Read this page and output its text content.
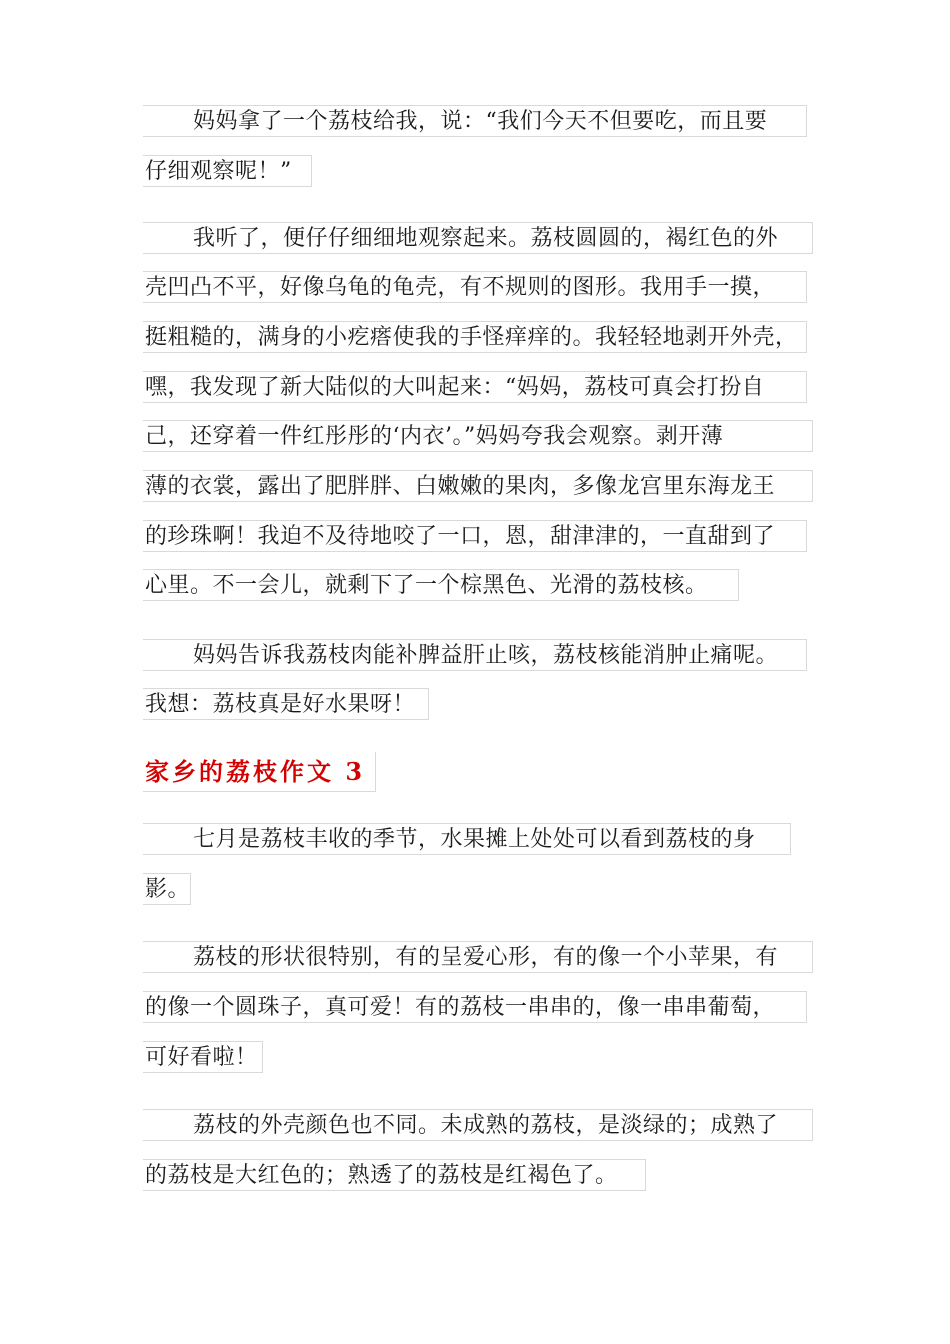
妈妈拿了一个荔枝给我，说：“我们今天不但要吃，而且要
仔细观察呢！”
我听了，便仔仔细细地观察起来。荔枝圆圆的，褐红色的外
壳凹凸不平，好像乌龟的龟壳，有不规则的图形。我用手一摸，
挺粗糙的，满身的小疙瘩使我的手怪痒痒的。我轻轻地剥开外壳，
嘿，我发现了新大陆似的大叫起来：“妈妈，荔枝可真会打扮自
己，还穿着一件红彤彤的‘内衣’。”妈妈夸我会观察。剥开薄
薄的衣裳，露出了肥胖胖、白嫩嫩的果肉，多像龙宫里东海龙王
的珍珠啊！我迫不及待地咬了一口，恩，甜津津的，一直甜到了
心里。不一会儿，就剩下了一个棕黑色、光滑的荔枝核。
妈妈告诉我荔枝肉能补脾益肝止咳，荔枝核能消肿止痛呢。
我想：荔枝真是好水果呀！
家乡的荔枝作文 3
七月是荔枝丰收的季节，水果摊上处处可以看到荔枝的身
影。
荔枝的形状很特别，有的呈爱心形，有的像一个小苹果，有
的像一个圆珠子，真可爱！有的荔枝一串串的，像一串串葡萄，
可好看啦！
荔枝的外壳颜色也不同。未成熟的荔枝，是淡绿的；成熟了
的荔枝是大红色的；熟透了的荔枝是红褐色了。
